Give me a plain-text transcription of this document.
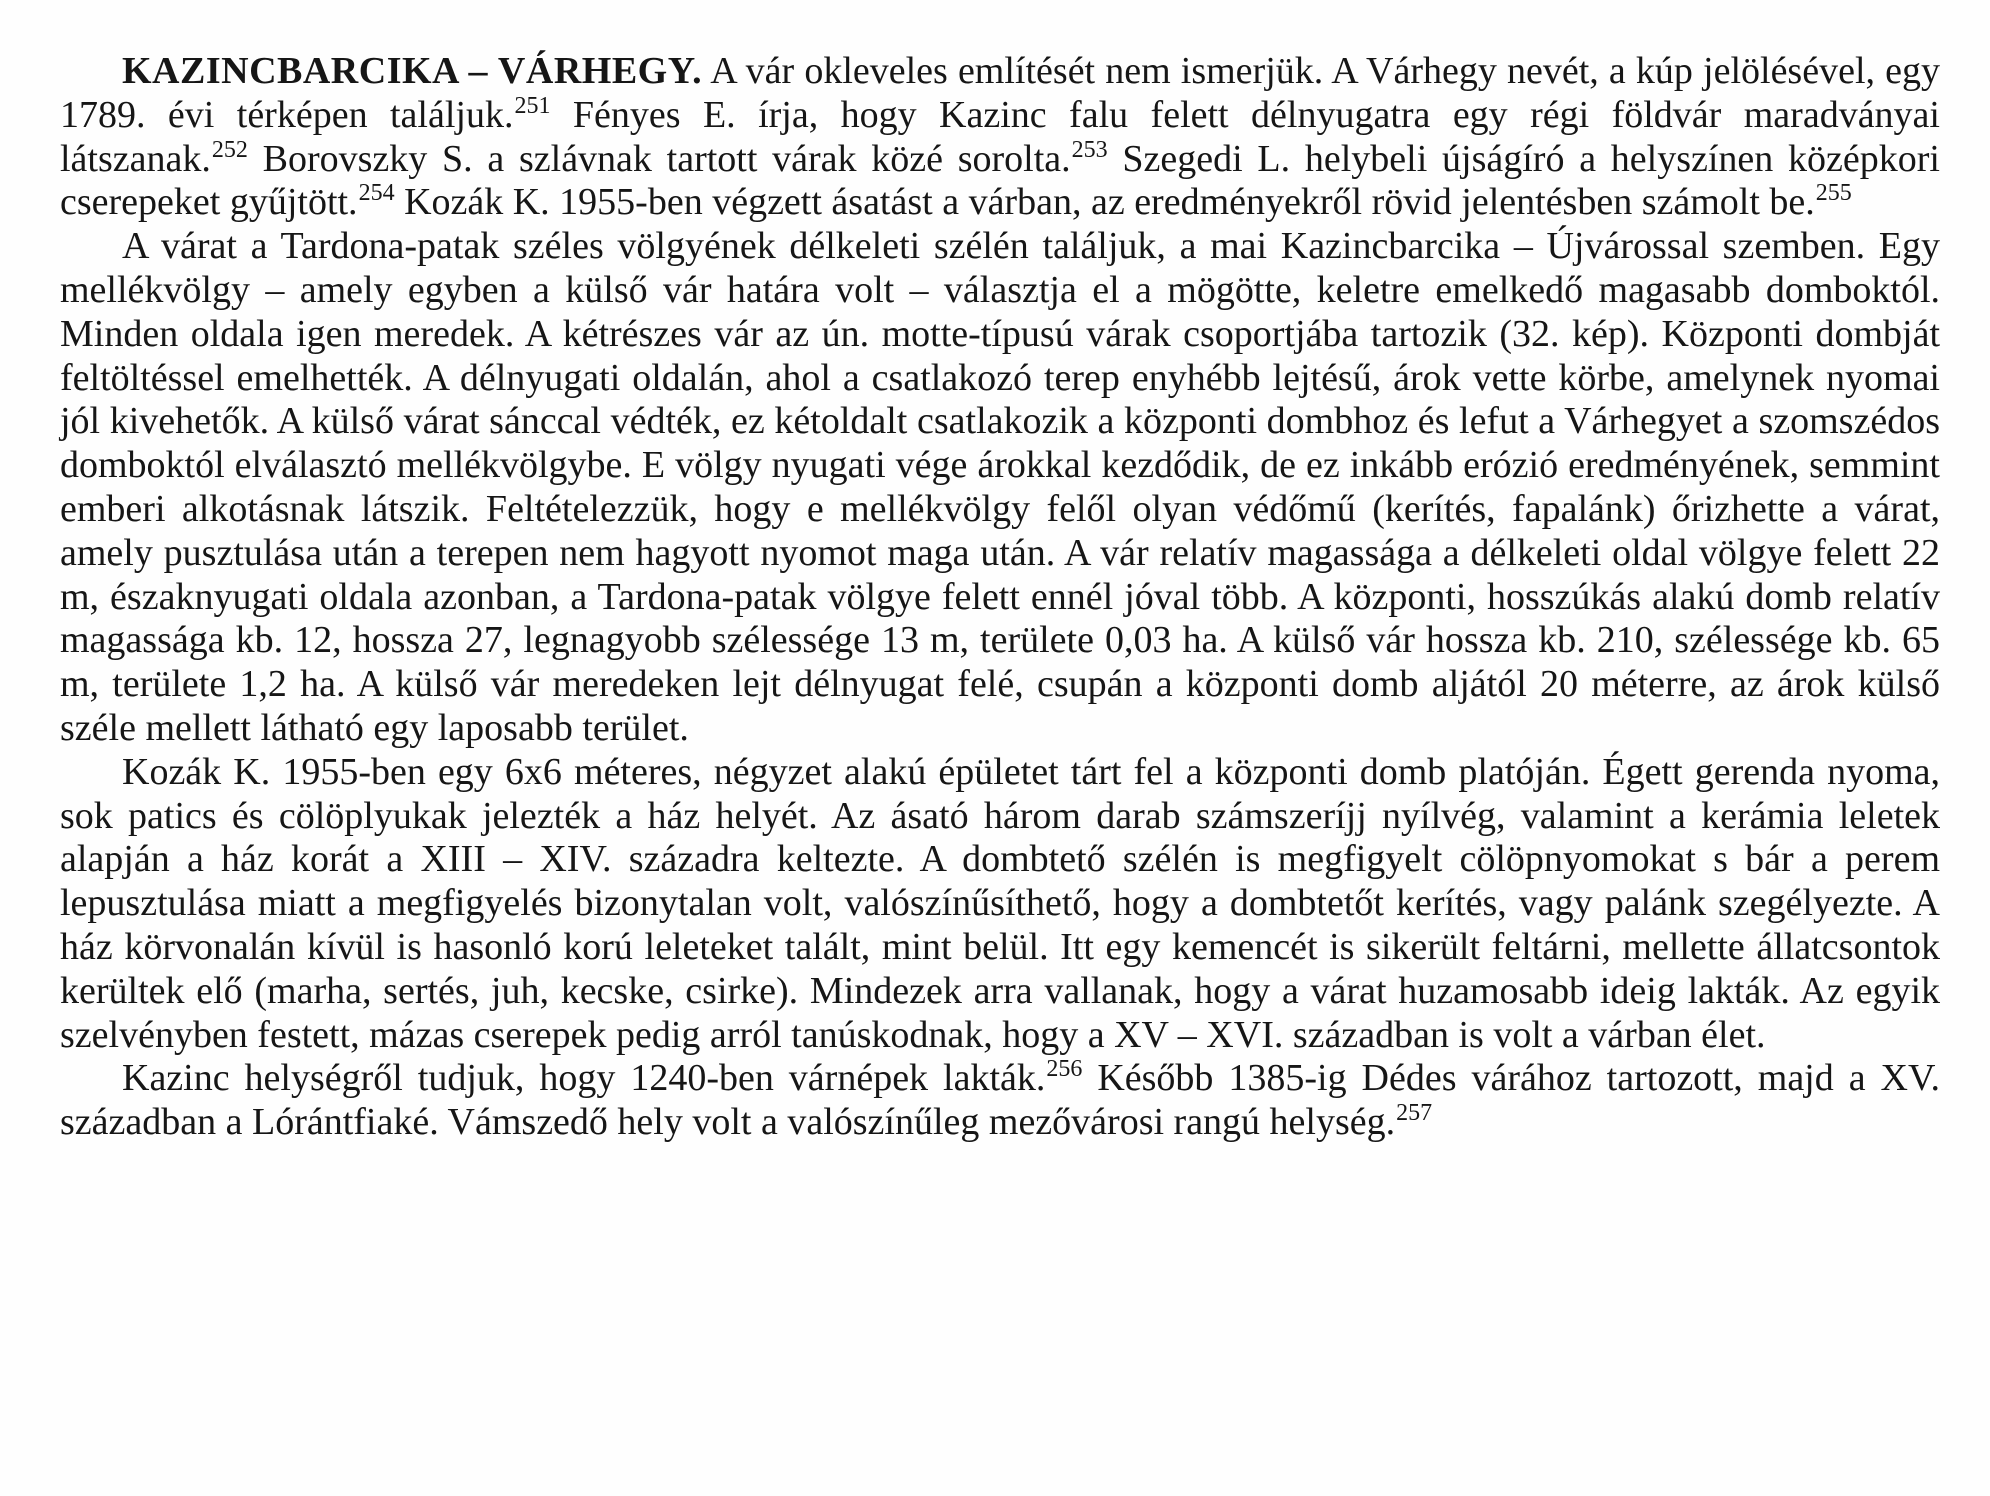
KAZINCBARCIKA – VÁRHEGY. A vár okleveles említését nem ismerjük. A Várhegy nevét, a kúp jelölésével, egy 1789. évi térképen találjuk.$^{251}$ Fényes E. írja, hogy Kazinc falu felett délnyugatra egy régi földvár maradványai látszanak.$^{252}$ Borovszky S. a szlávnak tartott várak közé sorolta.$^{253}$ Szegedi L. helybeli újságíró a helyszínen középkori cserepeket gyűjtött.$^{254}$ Kozák K. 1955-ben végzett ásatást a várban, az eredményekről rövid jelentésben számolt be.$^{255}$

A várat a Tardona-patak széles völgyének délkeleti szélén találjuk, a mai Kazincbarcika – Újvárossal szemben. Egy mellékvölgy – amely egyben a külső vár határa volt – választja el a mögötte, keletre emelkedő magasabb domboktól. Minden oldala igen meredek. A kétrészes vár az ún. motte-típusú várak csoportjába tartozik (32. kép). Központi dombját feltöltéssel emelhették. A délnyugati oldalán, ahol a csatlakozó terep enyhébb lejtésű, árok vette körbe, amelynek nyomai jól kivehetők. A külső várat sánccal védték, ez kétoldalt csatlakozik a központi dombhoz és lefut a Várhegyet a szomszédos domboktól elválasztó mellékvölgybe. E völgy nyugati vége árokkal kezdődik, de ez inkább erózió eredményének, semmint emberi alkotásnak látszik. Feltételezzük, hogy e mellékvölgy felől olyan védőmű (kerítés, fapalánk) őrizhette a várat, amely pusztulása után a terepen nem hagyott nyomot maga után. A vár relatív magassága a délkeleti oldal völgye felett 22 m, északnyugati oldala azonban, a Tardona-patak völgye felett ennél jóval több. A központi, hosszúkás alakú domb relatív magassága kb. 12, hossza 27, legnagyobb szélessége 13 m, területe 0,03 ha. A külső vár hossza kb. 210, szélessége kb. 65 m, területe 1,2 ha. A külső vár meredeken lejt délnyugat felé, csupán a központi domb aljától 20 méterre, az árok külső széle mellett látható egy laposabb terület.

Kozák K. 1955-ben egy 6x6 méteres, négyzet alakú épületet tárt fel a központi domb platóján. Égett gerenda nyoma, sok patics és cölöplyukak jelezték a ház helyét. Az ásató három darab számszeríjj nyílvég, valamint a kerámia leletek alapján a ház korát a XIII – XIV. századra keltezte. A dombtető szélén is megfigyelt cölöpnyomokat s bár a perem lepusztulása miatt a megfigyelés bizonytalan volt, valószínűsíthető, hogy a dombtetőt kerítés, vagy palánk szegélyezte. A ház körvonalán kívül is hasonló korú leleteket talált, mint belül. Itt egy kemencét is sikerült feltárni, mellette állatcsontok kerültek elő (marha, sertés, juh, kecske, csirke). Mindezek arra vallanak, hogy a várat huzamosabb ideig lakták. Az egyik szelvényben festett, mázas cserepek pedig arról tanúskodnak, hogy a XV – XVI. században is volt a várban élet.

Kazinc helységről tudjuk, hogy 1240-ben várnépek lakták.$^{256}$ Később 1385-ig Dédes várához tartozott, majd a XV. században a Lórántfiaké. Vámszedő hely volt a valószínűleg mezővárosi rangú helység.$^{257}$
